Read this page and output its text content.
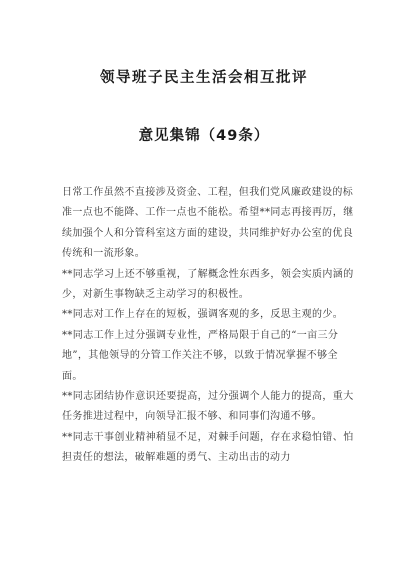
领导班子民主生活会相互批评
意见集锦（49条）

日常工作虽然不直接涉及资金、工程，但我们党风廉政建设的标准一点也不能降、工作一点也不能松。希望**同志再接再厉，继续加强个人和分管科室这方面的建设，共同维护好办公室的优良传统和一流形象。

**同志学习上还不够重视，了解概念性东西多，领会实质内涵的少，对新生事物缺乏主动学习的积极性。

**同志对工作上存在的短板，强调客观的多，反思主观的少。

**同志工作上过分强调专业性，严格局限于自己的“一亩三分地”，其他领导的分管工作关注不够，以致于情况掌握不够全面。

**同志团结协作意识还要提高，过分强调个人能力的提高，重大任务推进过程中，向领导汇报不够、和同事们沟通不够。

**同志干事创业精神稍显不足，对棘手问题，存在求稳怕错、怕担责任的想法，破解难题的勇气、主动出击的动力
